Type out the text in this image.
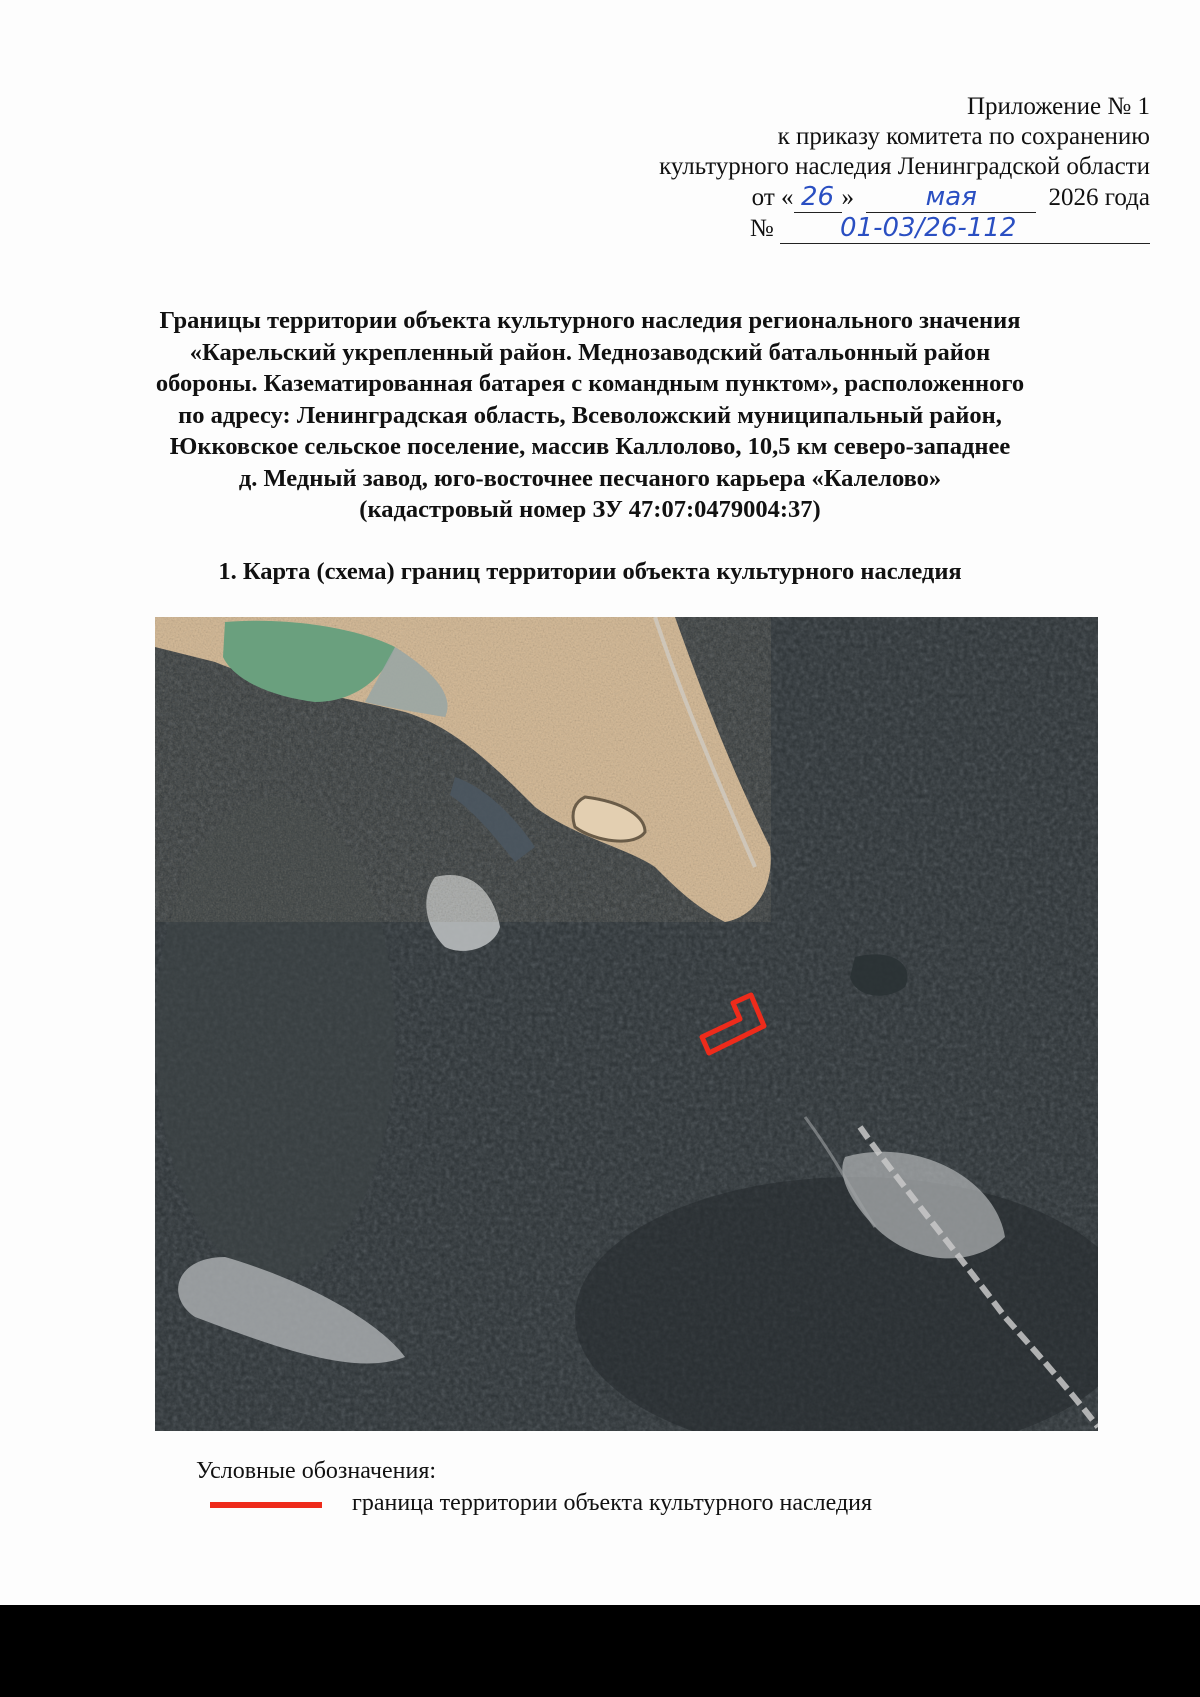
Приложение № 1
к приказу комитета по сохранению
культурного наследия Ленинградской области
от « 26 »	мая	2026 года
№	01-03/26-112
Границы территории объекта культурного наследия регионального значения
«Карельский укрепленный район. Меднозаводский батальонный район
обороны. Казематированная батарея с командным пунктом», расположенного
по адресу: Ленинградская область, Всеволожский муниципальный район,
Юкковское сельское поселение, массив Каллолово, 10,5 км северо-западнее
д. Медный завод, юго-восточнее песчаного карьера «Калелово»
(кадастровый номер ЗУ 47:07:0479004:37)
1. Карта (схема) границ территории объекта культурного наследия
Условные обозначения:
граница территории объекта культурного наследия
